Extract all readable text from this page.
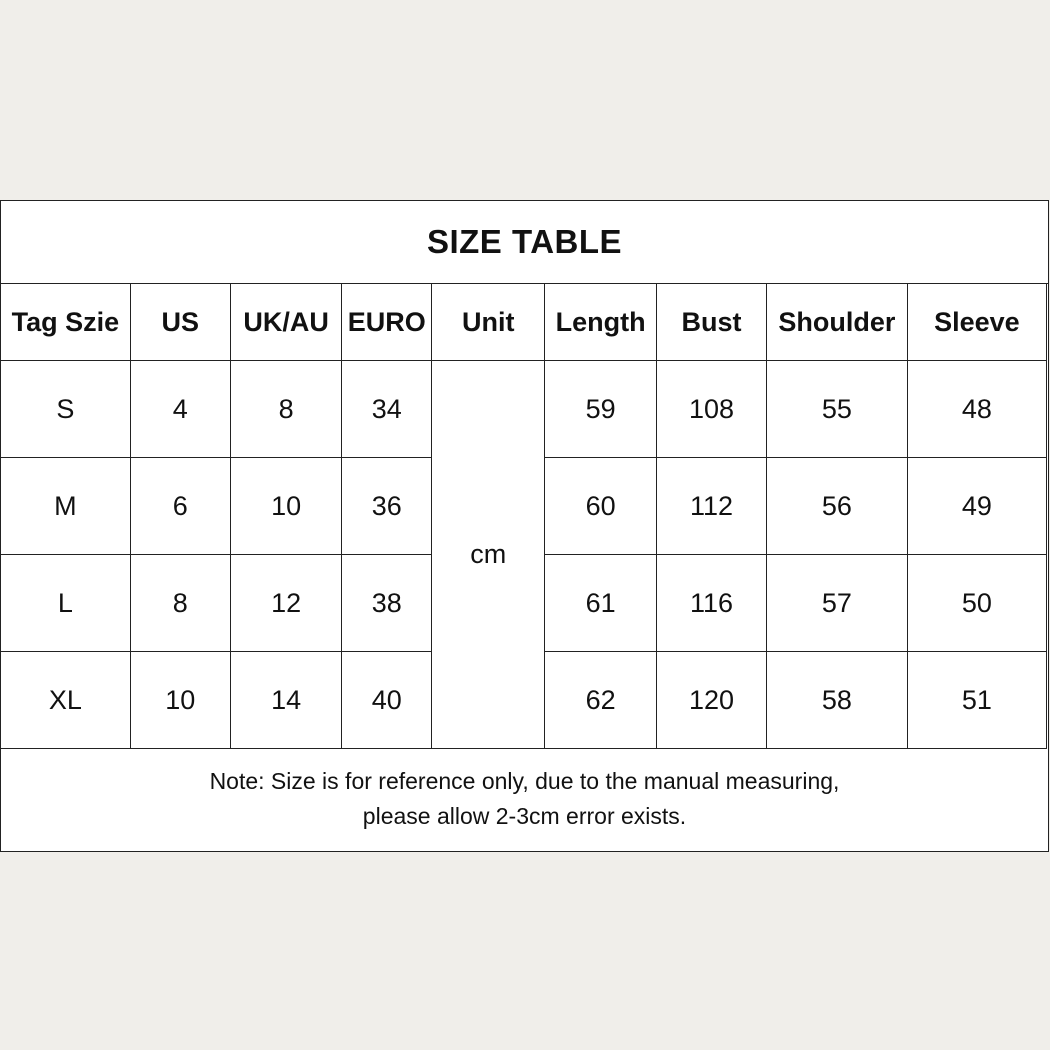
SIZE TABLE
Tag Szie	US	UK/AU	EURO	Unit	Length	Bust	Shoulder	Sleeve
S	4	8	34	cm	59	108	55	48
M	6	10	36		60	112	56	49
L	8	12	38		61	116	57	50
XL	10	14	40		62	120	58	51
Note: Size is for reference only, due to the manual measuring,
please allow 2-3cm error exists.
